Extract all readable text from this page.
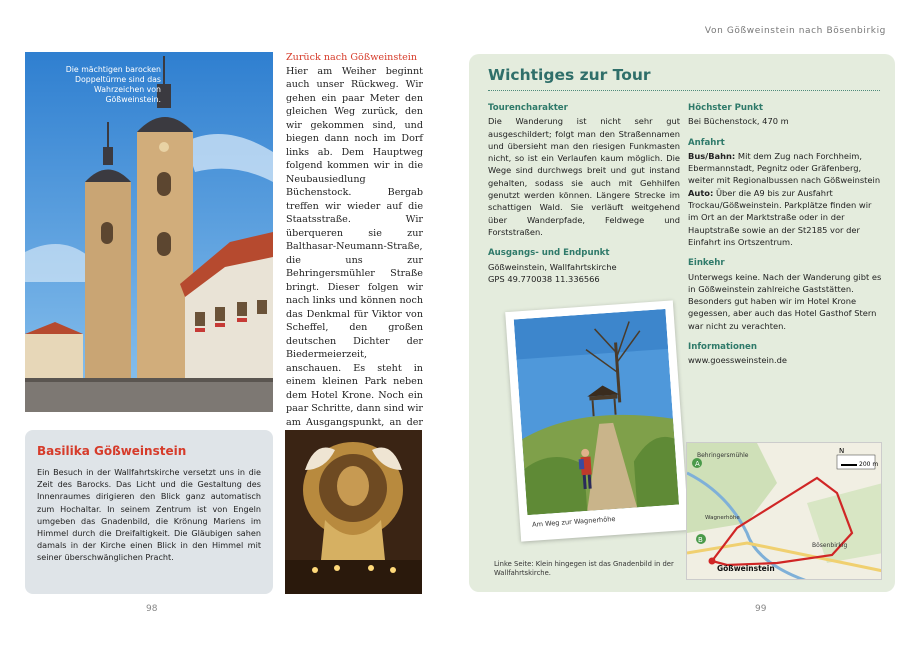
Die mächtigen barocken Doppeltürme sind das Wahrzeichen von Gößweinstein.
Zurück nach Gößweinstein
Hier am Weiher beginnt auch unser Rückweg. Wir gehen ein paar Meter den gleichen Weg zurück, den wir gekommen sind, und biegen dann noch im Dorf links ab. Dem Hauptweg folgend kommen wir in die Neubausiedlung Büchenstock. Bergab treffen wir wieder auf die Staatsstraße. Wir überqueren sie zur Balthasar-Neumann-Straße, die uns zur Behringersmühler Straße bringt. Dieser folgen wir nach links und können noch das Denkmal für Viktor von Scheffel, den großen deutschen Dichter der Biedermeierzeit, anschauen. Es steht in einem kleinen Park neben dem Hotel Krone. Noch ein paar Schritte, dann sind wir am Ausgangspunkt, an der
Basilika Gößweinstein

Ein Besuch in der Wallfahrtskirche versetzt uns in die Zeit des Barocks. Das Licht und die Gestaltung des Innenraumes dirigieren den Blick ganz automatisch zum Hochaltar. In seinem Zentrum ist von Engeln umgeben das Gnadenbild, die Krönung Mariens im Himmel durch die Dreifaltigkeit. Die Gläubigen sahen damals in der Kirche einen Blick in den Himmel mit seiner überschwänglichen Pracht.

98
Von Gößweinstein nach Bösenbirkig
Wichtiges zur Tour
Tourencharakter
Die Wanderung ist nicht sehr gut ausgeschildert; folgt man den Straßennamen und übersieht man den riesigen Funkmasten nicht, so ist ein Verlaufen kaum möglich. Die Wege sind durchwegs breit und gut instand gehalten, sodass sie auch mit Gehhilfen genutzt werden können. Längere Strecke im schattigen Wald. Sie verläuft weitgehend über Wanderpfade, Feldwege und Forststraßen.
Ausgangs- und Endpunkt
Gößweinstein, Wallfahrtskirche
GPS 49.770038 11.336566
Höchster Punkt
Bei Büchenstock, 470 m
Anfahrt
Bus/Bahn: Mit dem Zug nach Forchheim, Ebermannstadt, Pegnitz oder Gräfenberg, weiter mit Regionalbussen nach Gößweinstein
Auto: Über die A9 bis zur Ausfahrt Trockau/Gößweinstein. Parkplätze finden wir im Ort an der Marktstraße oder in der Hauptstraße sowie an der St2185 vor der Einfahrt ins Ortszentrum.
Einkehr
Unterwegs keine. Nach der Wanderung gibt es in Gößweinstein zahlreiche Gaststätten. Besonders gut haben wir im Hotel Krone gegessen, aber auch das Hotel Gasthof Stern war nicht zu verachten.
Informationen
www.goessweinstein.de
Am Weg zur Wagnerhöhe
N
200 m
A
B
Behringersmühle
Wagnerhöhe
Gößweinstein
Bösenbirkig
Linke Seite: Klein hingegen ist das Gnadenbild in der Wallfahrtskirche.
99
